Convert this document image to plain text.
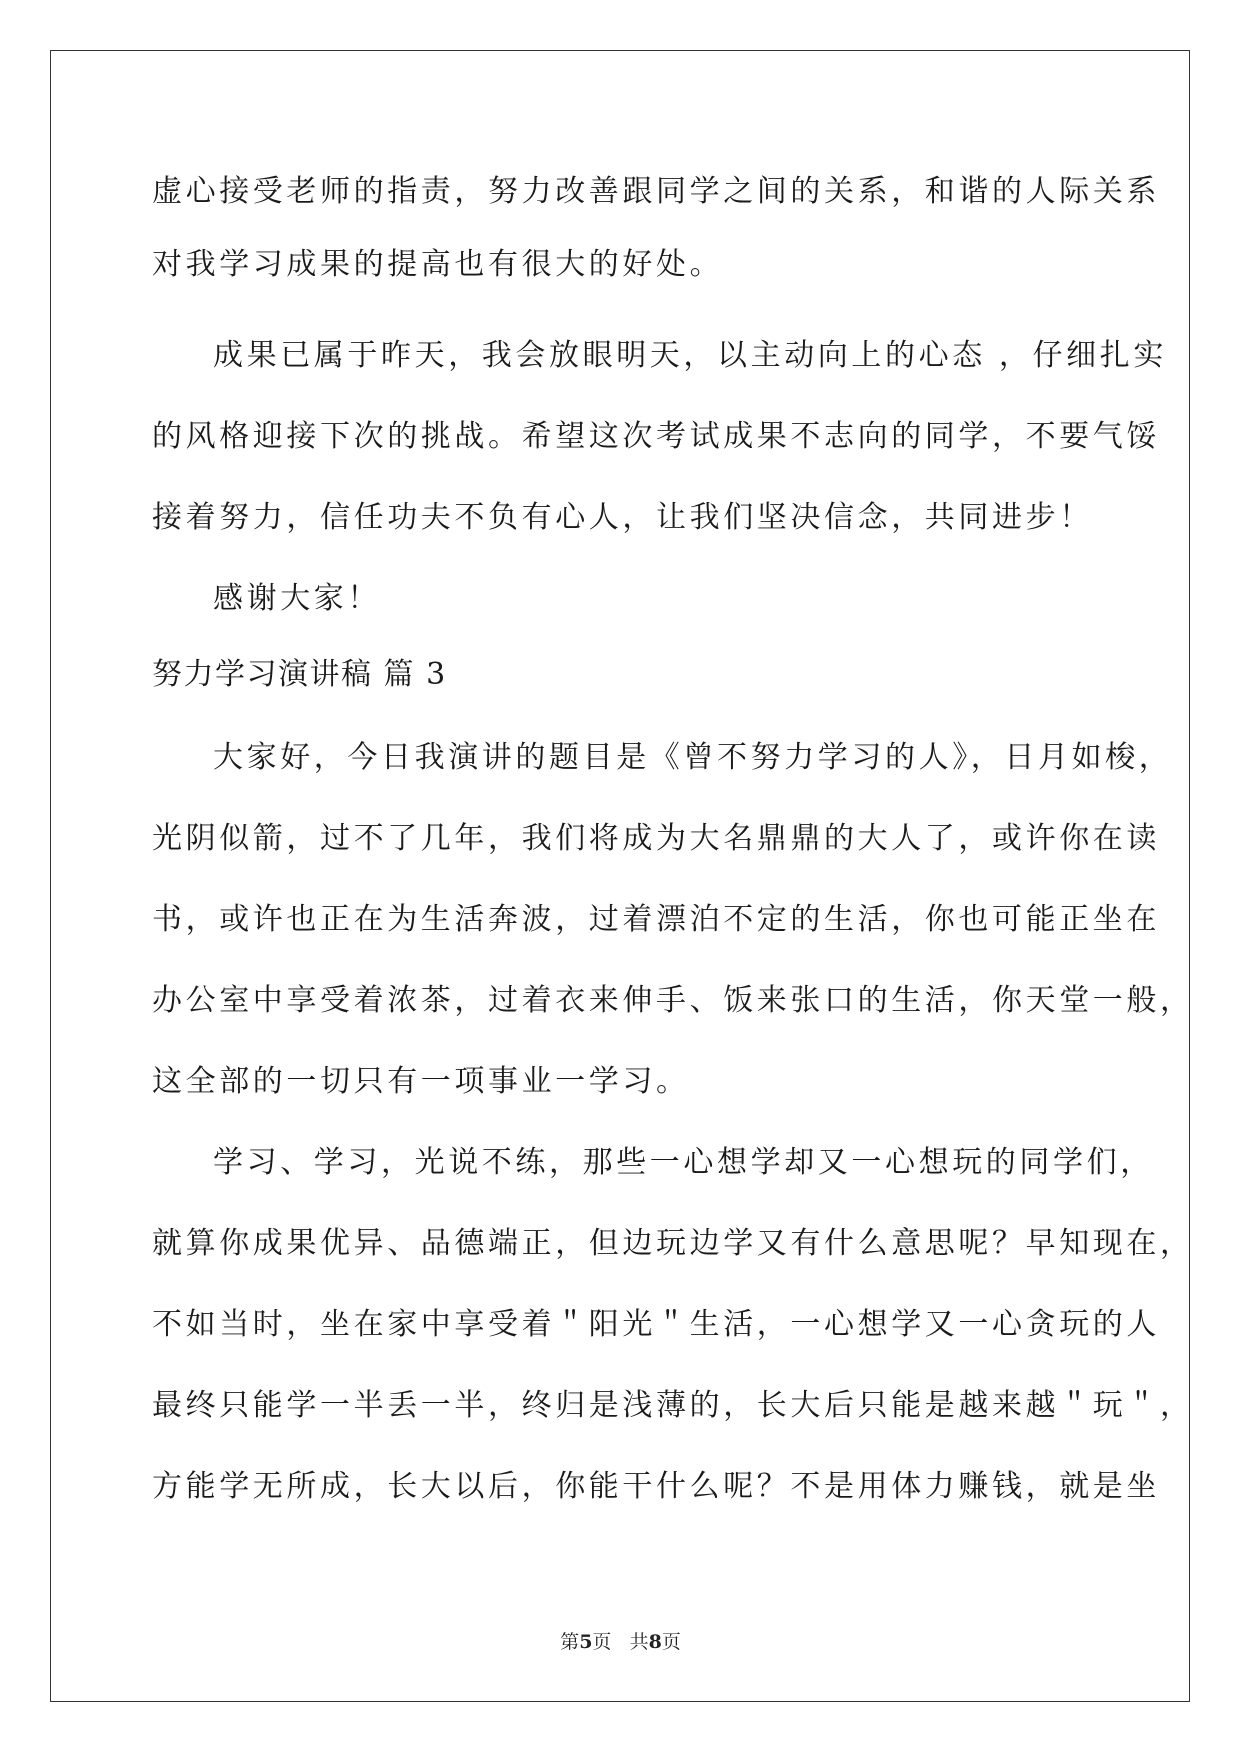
虚心接受老师的指责，努力改善跟同学之间的关系，和谐的人际关系
对我学习成果的提高也有很大的好处。
成果已属于昨天，我会放眼明天，以主动向上的心态 ，仔细扎实
的风格迎接下次的挑战。希望这次考试成果不志向的同学，不要气馁
接着努力，信任功夫不负有心人，让我们坚决信念，共同进步！
感谢大家！
努力学习演讲稿 篇 3
大家好，今日我演讲的题目是《曾不努力学习的人》，日月如梭，
光阴似箭，过不了几年，我们将成为大名鼎鼎的大人了，或许你在读
书，或许也正在为生活奔波，过着漂泊不定的生活，你也可能正坐在
办公室中享受着浓茶，过着衣来伸手、饭来张口的生活，你天堂一般，
这全部的一切只有一项事业一学习。
学习、学习，光说不练，那些一心想学却又一心想玩的同学们，
就算你成果优异、品德端正，但边玩边学又有什么意思呢？早知现在，
不如当时，坐在家中享受着＂阳光＂生活，一心想学又一心贪玩的人
最终只能学一半丢一半，终归是浅薄的，长大后只能是越来越＂玩＂，
方能学无所成，长大以后，你能干什么呢？不是用体力赚钱，就是坐
第5页 共8页
